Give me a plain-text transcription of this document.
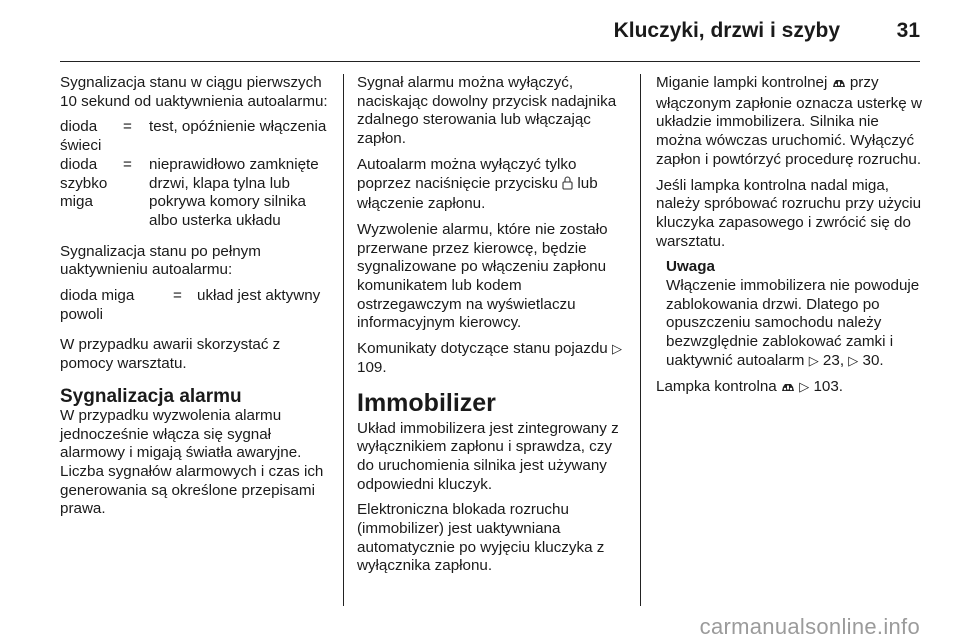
Kluczyki, drzwi i szyby	31

Sygnalizacja stanu w ciągu pierwszych 10 sekund od uaktywnienia autoalarmu:

dioda świeci
=	test, opóźnienie włączenia
dioda szybko miga
=	nieprawidłowo zamknięte drzwi, klapa tylna lub pokrywa komory silnika albo usterka układu

Sygnalizacja stanu po pełnym uaktywnieniu autoalarmu:

dioda miga powoli
= układ jest aktywny

W przypadku awarii skorzystać z pomocy warsztatu.

Sygnalizacja alarmu

W przypadku wyzwolenia alarmu jednocześnie włącza się sygnał alarmowy i migają światła awaryjne. Liczba sygnałów alarmowych i czas ich generowania są określone przepisami prawa.

Sygnał alarmu można wyłączyć, naciskając dowolny przycisk nadajnika zdalnego sterowania lub włączając zapłon.

Autoalarm można wyłączyć tylko poprzez naciśnięcie przycisku lub włączenie zapłonu.

Wyzwolenie alarmu, które nie zostało przerwane przez kierowcę, będzie sygnalizowane po włączeniu zapłonu komunikatem lub kodem ostrzegawczym na wyświetlaczu informacyjnym kierowcy.

Komunikaty dotyczące stanu pojazdu ▷ 109.

Immobilizer

Układ immobilizera jest zintegrowany z wyłącznikiem zapłonu i sprawdza, czy do uruchomienia silnika jest używany odpowiedni kluczyk.

Elektroniczna blokada rozruchu (immobilizer) jest uaktywniana automatycznie po wyjęciu kluczyka z wyłącznika zapłonu.

Miganie lampki kontrolnej przy włączonym zapłonie oznacza usterkę w układzie immobilizera. Silnika nie można wówczas uruchomić. Wyłączyć zapłon i powtórzyć procedurę rozruchu.

Jeśli lampka kontrolna nadal miga, należy spróbować rozruchu przy użyciu kluczyka zapasowego i zwrócić się do warsztatu.

Uwaga
Włączenie immobilizera nie powoduje zablokowania drzwi. Dlatego po opuszczeniu samochodu należy bezwzględnie zablokować zamki i uaktywnić autoalarm ▷ 23, ▷ 30.

Lampka kontrolna ▷ 103.

carmanualsonline.info
